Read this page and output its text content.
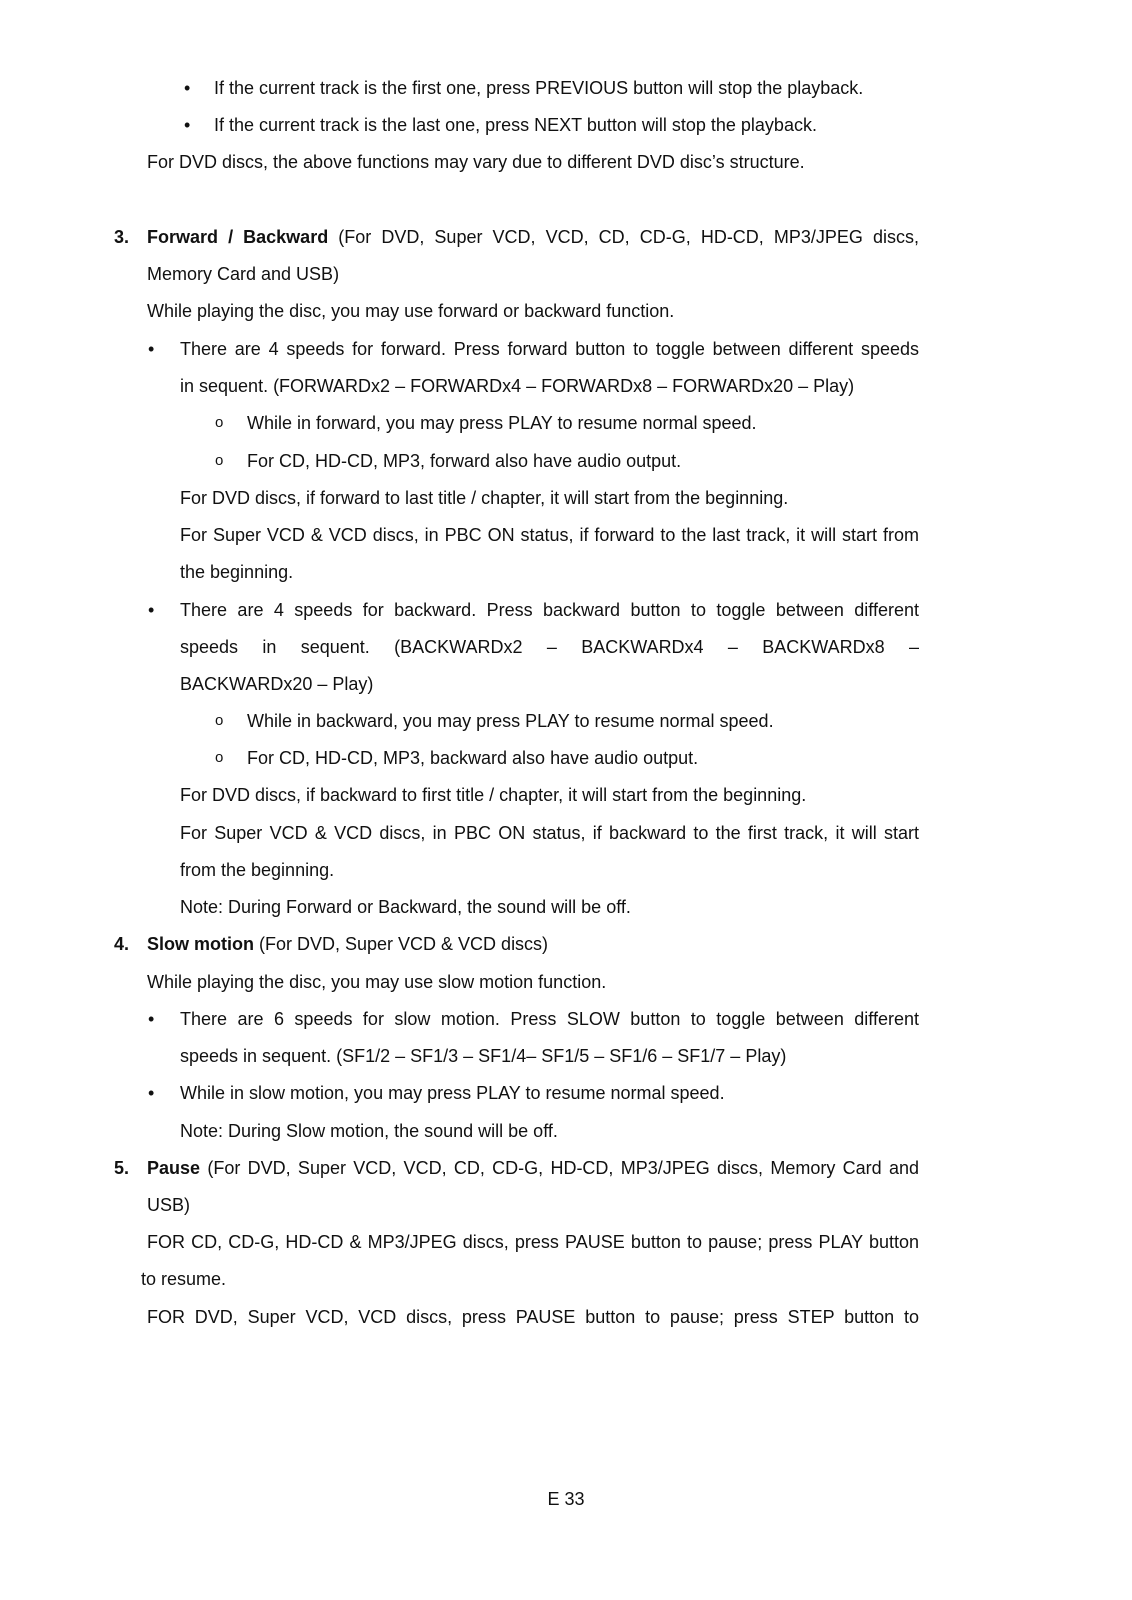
• If the current track is the first one, press PREVIOUS button will stop the playback.
• If the current track is the last one, press NEXT button will stop the playback.
For DVD discs, the above functions may vary due to different DVD disc’s structure.
3. Forward / Backward (For DVD, Super VCD, VCD, CD, CD-G, HD-CD, MP3/JPEG discs,
Memory Card and USB)
While playing the disc, you may use forward or backward function.
• There are 4 speeds for forward. Press forward button to toggle between different speeds
in sequent. (FORWARDx2 – FORWARDx4 – FORWARDx8 – FORWARDx20 – Play)
o While in forward, you may press PLAY to resume normal speed.
o For CD, HD-CD, MP3, forward also have audio output.
For DVD discs, if forward to last title / chapter, it will start from the beginning.
For Super VCD & VCD discs, in PBC ON status, if forward to the last track, it will start from
the beginning.
• There are 4 speeds for backward. Press backward button to toggle between different
speeds in sequent. (BACKWARDx2 – BACKWARDx4 – BACKWARDx8 –
BACKWARDx20 – Play)
o While in backward, you may press PLAY to resume normal speed.
o For CD, HD-CD, MP3, backward also have audio output.
For DVD discs, if backward to first title / chapter, it will start from the beginning.
For Super VCD & VCD discs, in PBC ON status, if backward to the first track, it will start
from the beginning.
Note: During Forward or Backward, the sound will be off.
4. Slow motion (For DVD, Super VCD & VCD discs)
While playing the disc, you may use slow motion function.
• There are 6 speeds for slow motion. Press SLOW button to toggle between different
speeds in sequent. (SF1/2 – SF1/3 – SF1/4– SF1/5 – SF1/6 – SF1/7 – Play)
• While in slow motion, you may press PLAY to resume normal speed.
Note: During Slow motion, the sound will be off.
5. Pause (For DVD, Super VCD, VCD, CD, CD-G, HD-CD, MP3/JPEG discs, Memory Card and
USB)
FOR CD, CD-G, HD-CD & MP3/JPEG discs, press PAUSE button to pause; press PLAY button
to resume.
FOR DVD, Super VCD, VCD discs, press PAUSE button to pause; press STEP button to
E 33
